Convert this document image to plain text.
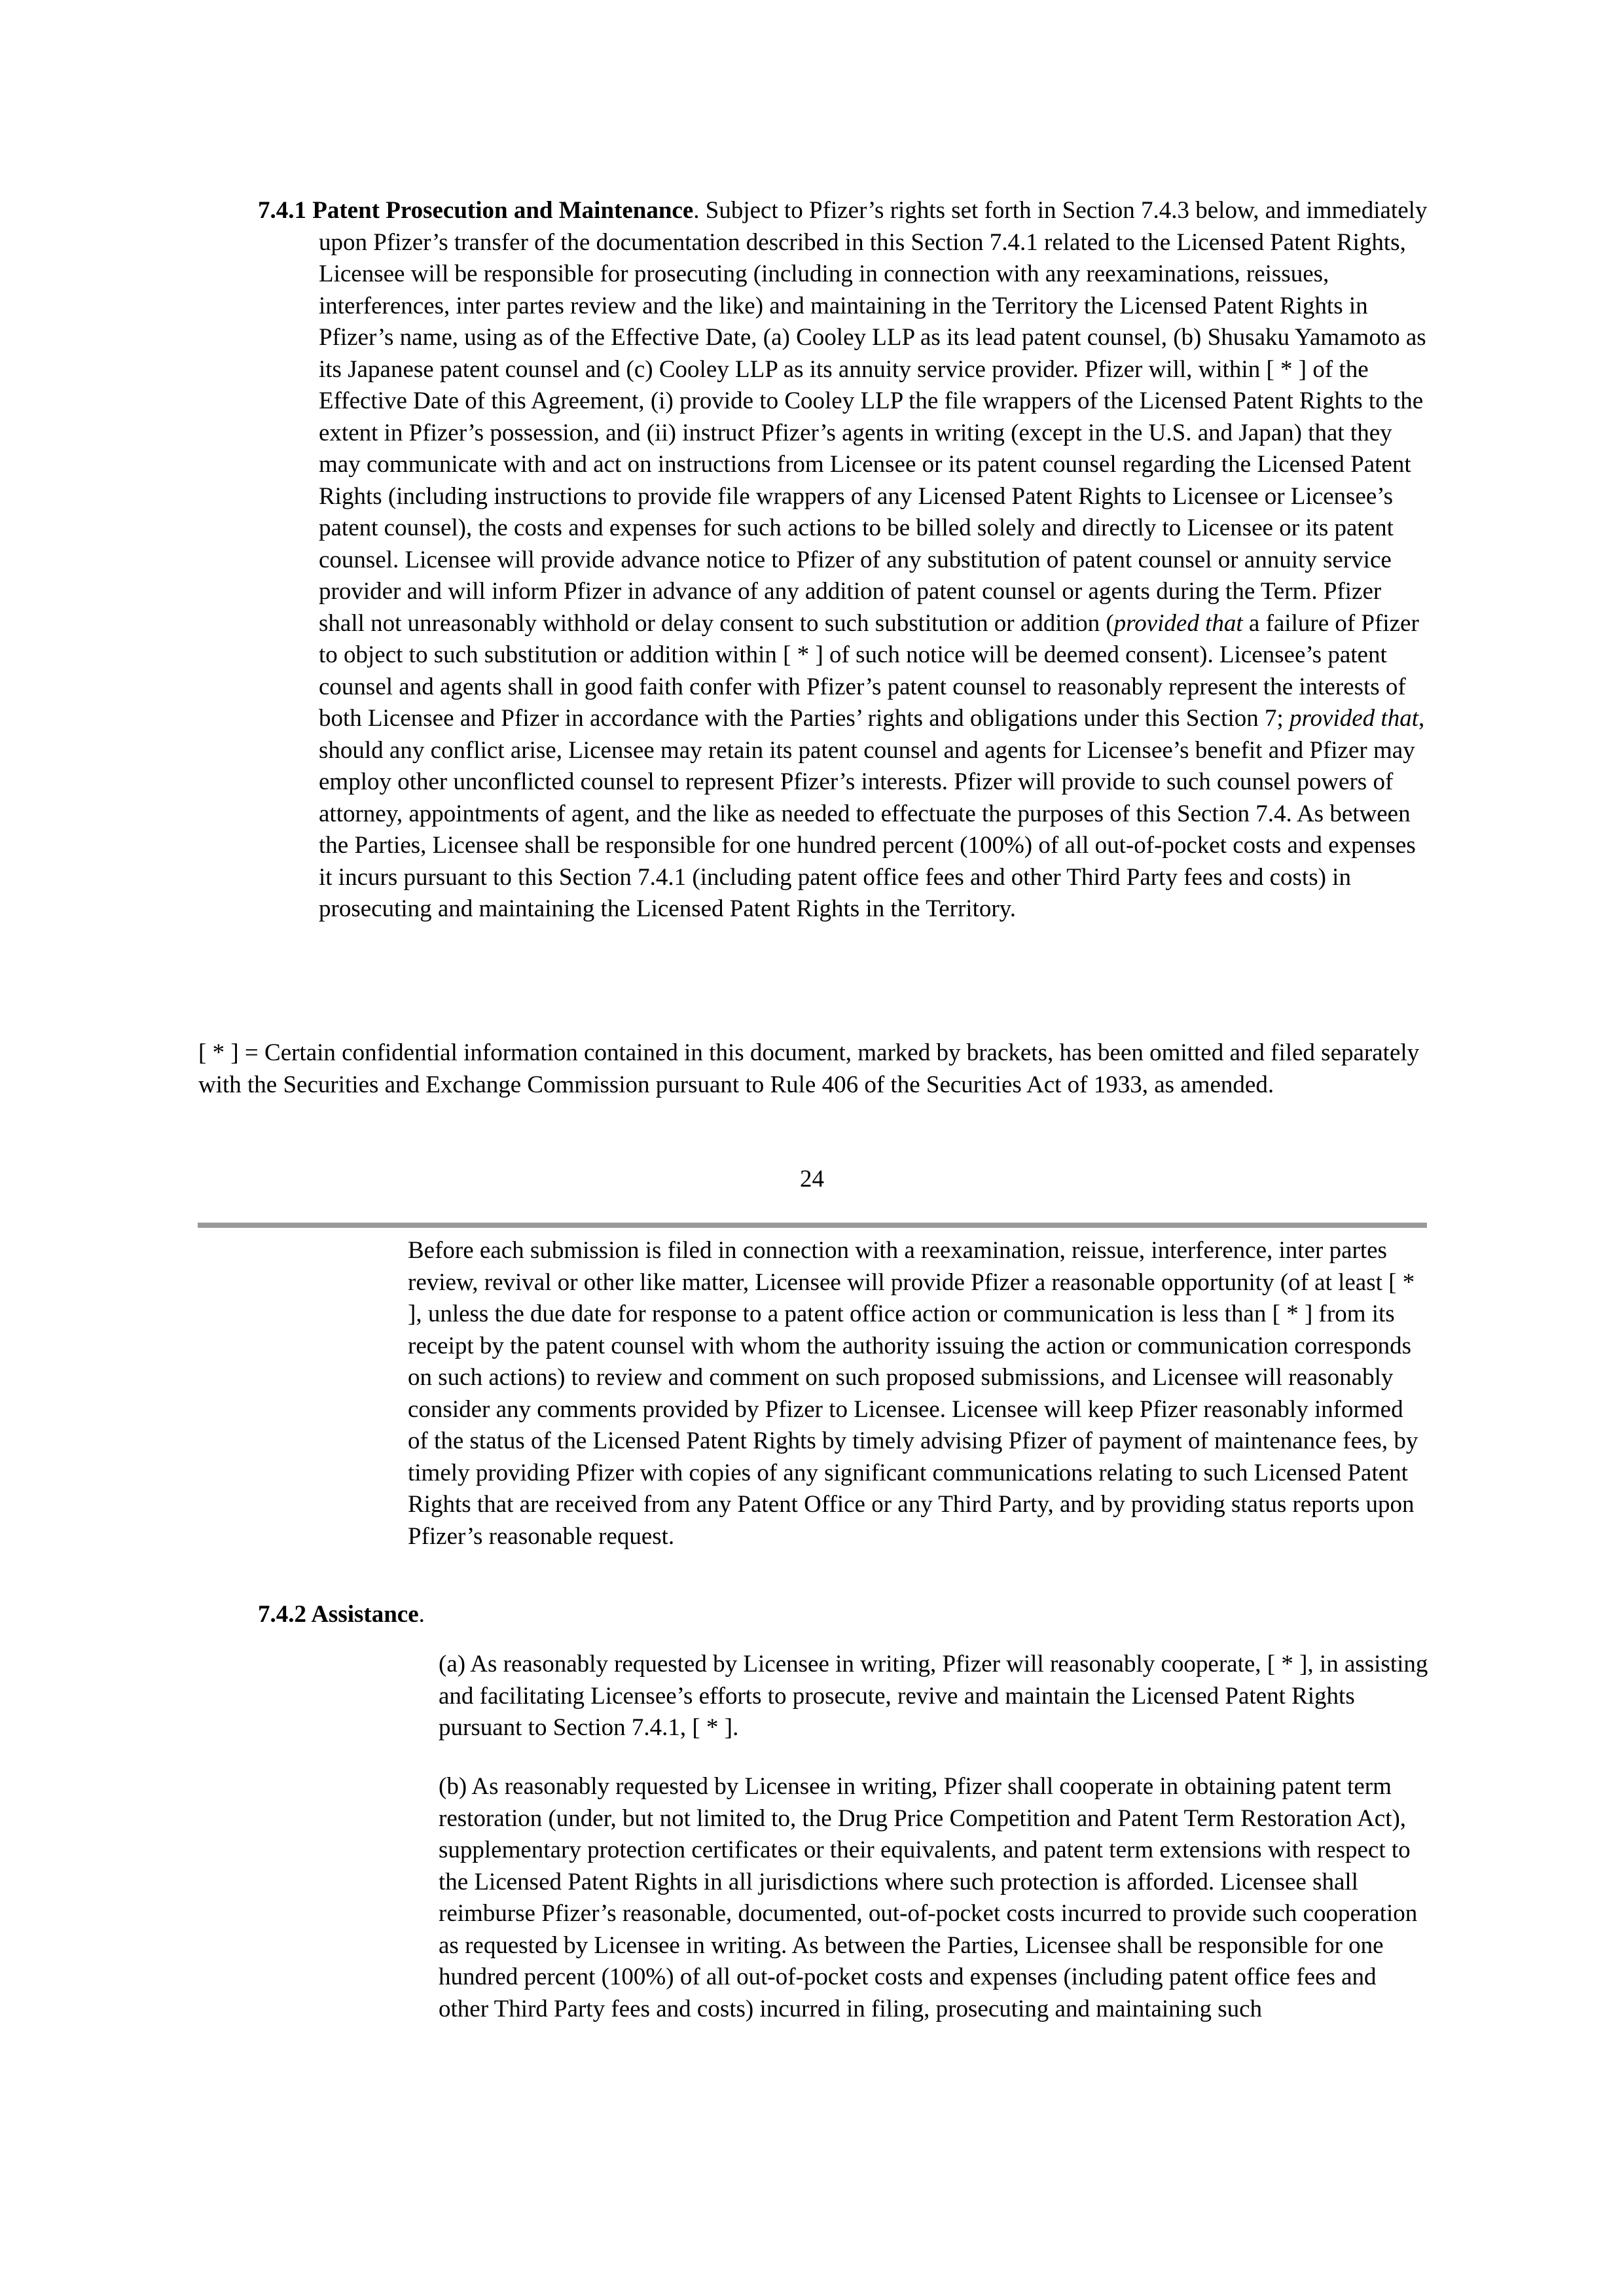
7.4.1 Patent Prosecution and Maintenance. Subject to Pfizer’s rights set forth in Section 7.4.3 below, and immediately upon Pfizer’s transfer of the documentation described in this Section 7.4.1 related to the Licensed Patent Rights, Licensee will be responsible for prosecuting (including in connection with any reexaminations, reissues, interferences, inter partes review and the like) and maintaining in the Territory the Licensed Patent Rights in Pfizer’s name, using as of the Effective Date, (a) Cooley LLP as its lead patent counsel, (b) Shusaku Yamamoto as its Japanese patent counsel and (c) Cooley LLP as its annuity service provider. Pfizer will, within [ * ] of the Effective Date of this Agreement, (i) provide to Cooley LLP the file wrappers of the Licensed Patent Rights to the extent in Pfizer’s possession, and (ii) instruct Pfizer’s agents in writing (except in the U.S. and Japan) that they may communicate with and act on instructions from Licensee or its patent counsel regarding the Licensed Patent Rights (including instructions to provide file wrappers of any Licensed Patent Rights to Licensee or Licensee’s patent counsel), the costs and expenses for such actions to be billed solely and directly to Licensee or its patent counsel. Licensee will provide advance notice to Pfizer of any substitution of patent counsel or annuity service provider and will inform Pfizer in advance of any addition of patent counsel or agents during the Term. Pfizer shall not unreasonably withhold or delay consent to such substitution or addition (provided that a failure of Pfizer to object to such substitution or addition within [ * ] of such notice will be deemed consent). Licensee’s patent counsel and agents shall in good faith confer with Pfizer’s patent counsel to reasonably represent the interests of both Licensee and Pfizer in accordance with the Parties’ rights and obligations under this Section 7; provided that, should any conflict arise, Licensee may retain its patent counsel and agents for Licensee’s benefit and Pfizer may employ other unconflicted counsel to represent Pfizer’s interests. Pfizer will provide to such counsel powers of attorney, appointments of agent, and the like as needed to effectuate the purposes of this Section 7.4. As between the Parties, Licensee shall be responsible for one hundred percent (100%) of all out-of-pocket costs and expenses it incurs pursuant to this Section 7.4.1 (including patent office fees and other Third Party fees and costs) in prosecuting and maintaining the Licensed Patent Rights in the Territory.

[ * ] = Certain confidential information contained in this document, marked by brackets, has been omitted and filed separately with the Securities and Exchange Commission pursuant to Rule 406 of the Securities Act of 1933, as amended.

24

Before each submission is filed in connection with a reexamination, reissue, interference, inter partes review, revival or other like matter, Licensee will provide Pfizer a reasonable opportunity (of at least [ * ], unless the due date for response to a patent office action or communication is less than [ * ] from its receipt by the patent counsel with whom the authority issuing the action or communication corresponds on such actions) to review and comment on such proposed submissions, and Licensee will reasonably consider any comments provided by Pfizer to Licensee. Licensee will keep Pfizer reasonably informed of the status of the Licensed Patent Rights by timely advising Pfizer of payment of maintenance fees, by timely providing Pfizer with copies of any significant communications relating to such Licensed Patent Rights that are received from any Patent Office or any Third Party, and by providing status reports upon Pfizer’s reasonable request.

7.4.2 Assistance.

(a) As reasonably requested by Licensee in writing, Pfizer will reasonably cooperate, [ * ], in assisting and facilitating Licensee’s efforts to prosecute, revive and maintain the Licensed Patent Rights pursuant to Section 7.4.1, [ * ].

(b) As reasonably requested by Licensee in writing, Pfizer shall cooperate in obtaining patent term restoration (under, but not limited to, the Drug Price Competition and Patent Term Restoration Act), supplementary protection certificates or their equivalents, and patent term extensions with respect to the Licensed Patent Rights in all jurisdictions where such protection is afforded. Licensee shall reimburse Pfizer’s reasonable, documented, out-of-pocket costs incurred to provide such cooperation as requested by Licensee in writing. As between the Parties, Licensee shall be responsible for one hundred percent (100%) of all out-of-pocket costs and expenses (including patent office fees and other Third Party fees and costs) incurred in filing, prosecuting and maintaining such
